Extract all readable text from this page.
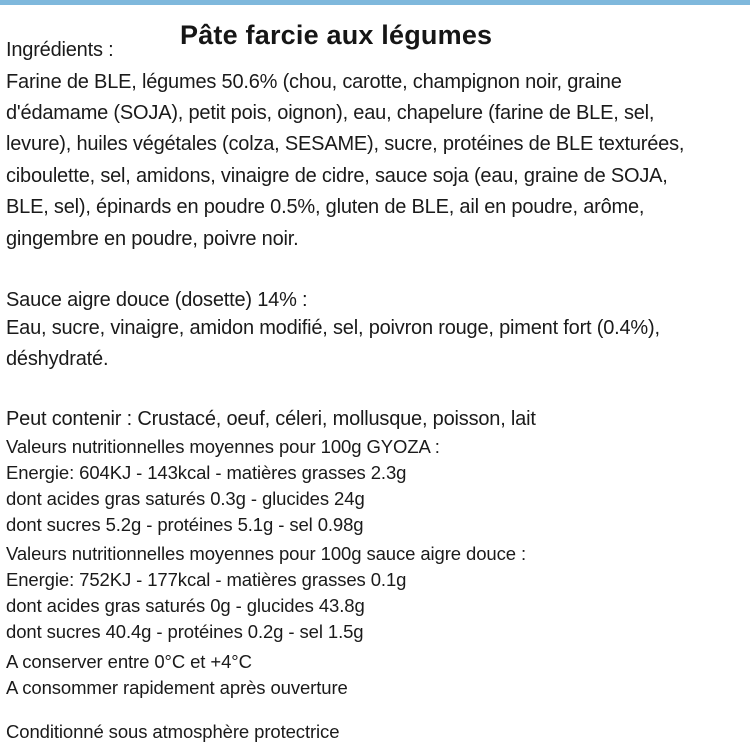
Pâte farcie aux légumes
Ingrédients :
Farine de BLE, légumes 50.6% (chou, carotte, champignon noir, graine
d'édamame (SOJA), petit pois, oignon), eau, chapelure (farine de BLE, sel,
levure), huiles végétales (colza, SESAME), sucre, protéines de BLE texturées,
ciboulette, sel, amidons, vinaigre de cidre, sauce soja (eau, graine de SOJA,
BLE, sel), épinards en poudre 0.5%, gluten de BLE, ail en poudre, arôme,
gingembre en poudre, poivre noir.
Sauce aigre douce (dosette) 14% :
Eau, sucre, vinaigre, amidon modifié, sel, poivron rouge, piment fort (0.4%),
déshydraté.
Peut contenir : Crustacé, oeuf, céleri, mollusque, poisson, lait
Valeurs nutritionnelles moyennes pour 100g GYOZA :
Energie: 604KJ - 143kcal - matières grasses 2.3g
dont acides gras saturés 0.3g - glucides 24g
dont sucres 5.2g - protéines 5.1g - sel 0.98g
Valeurs nutritionnelles moyennes pour 100g sauce aigre douce :
Energie: 752KJ - 177kcal - matières grasses 0.1g
dont acides gras saturés 0g - glucides 43.8g
dont sucres 40.4g - protéines 0.2g - sel 1.5g
A conserver entre 0°C et +4°C
A consommer rapidement après ouverture
Conditionné sous atmosphère protectrice
